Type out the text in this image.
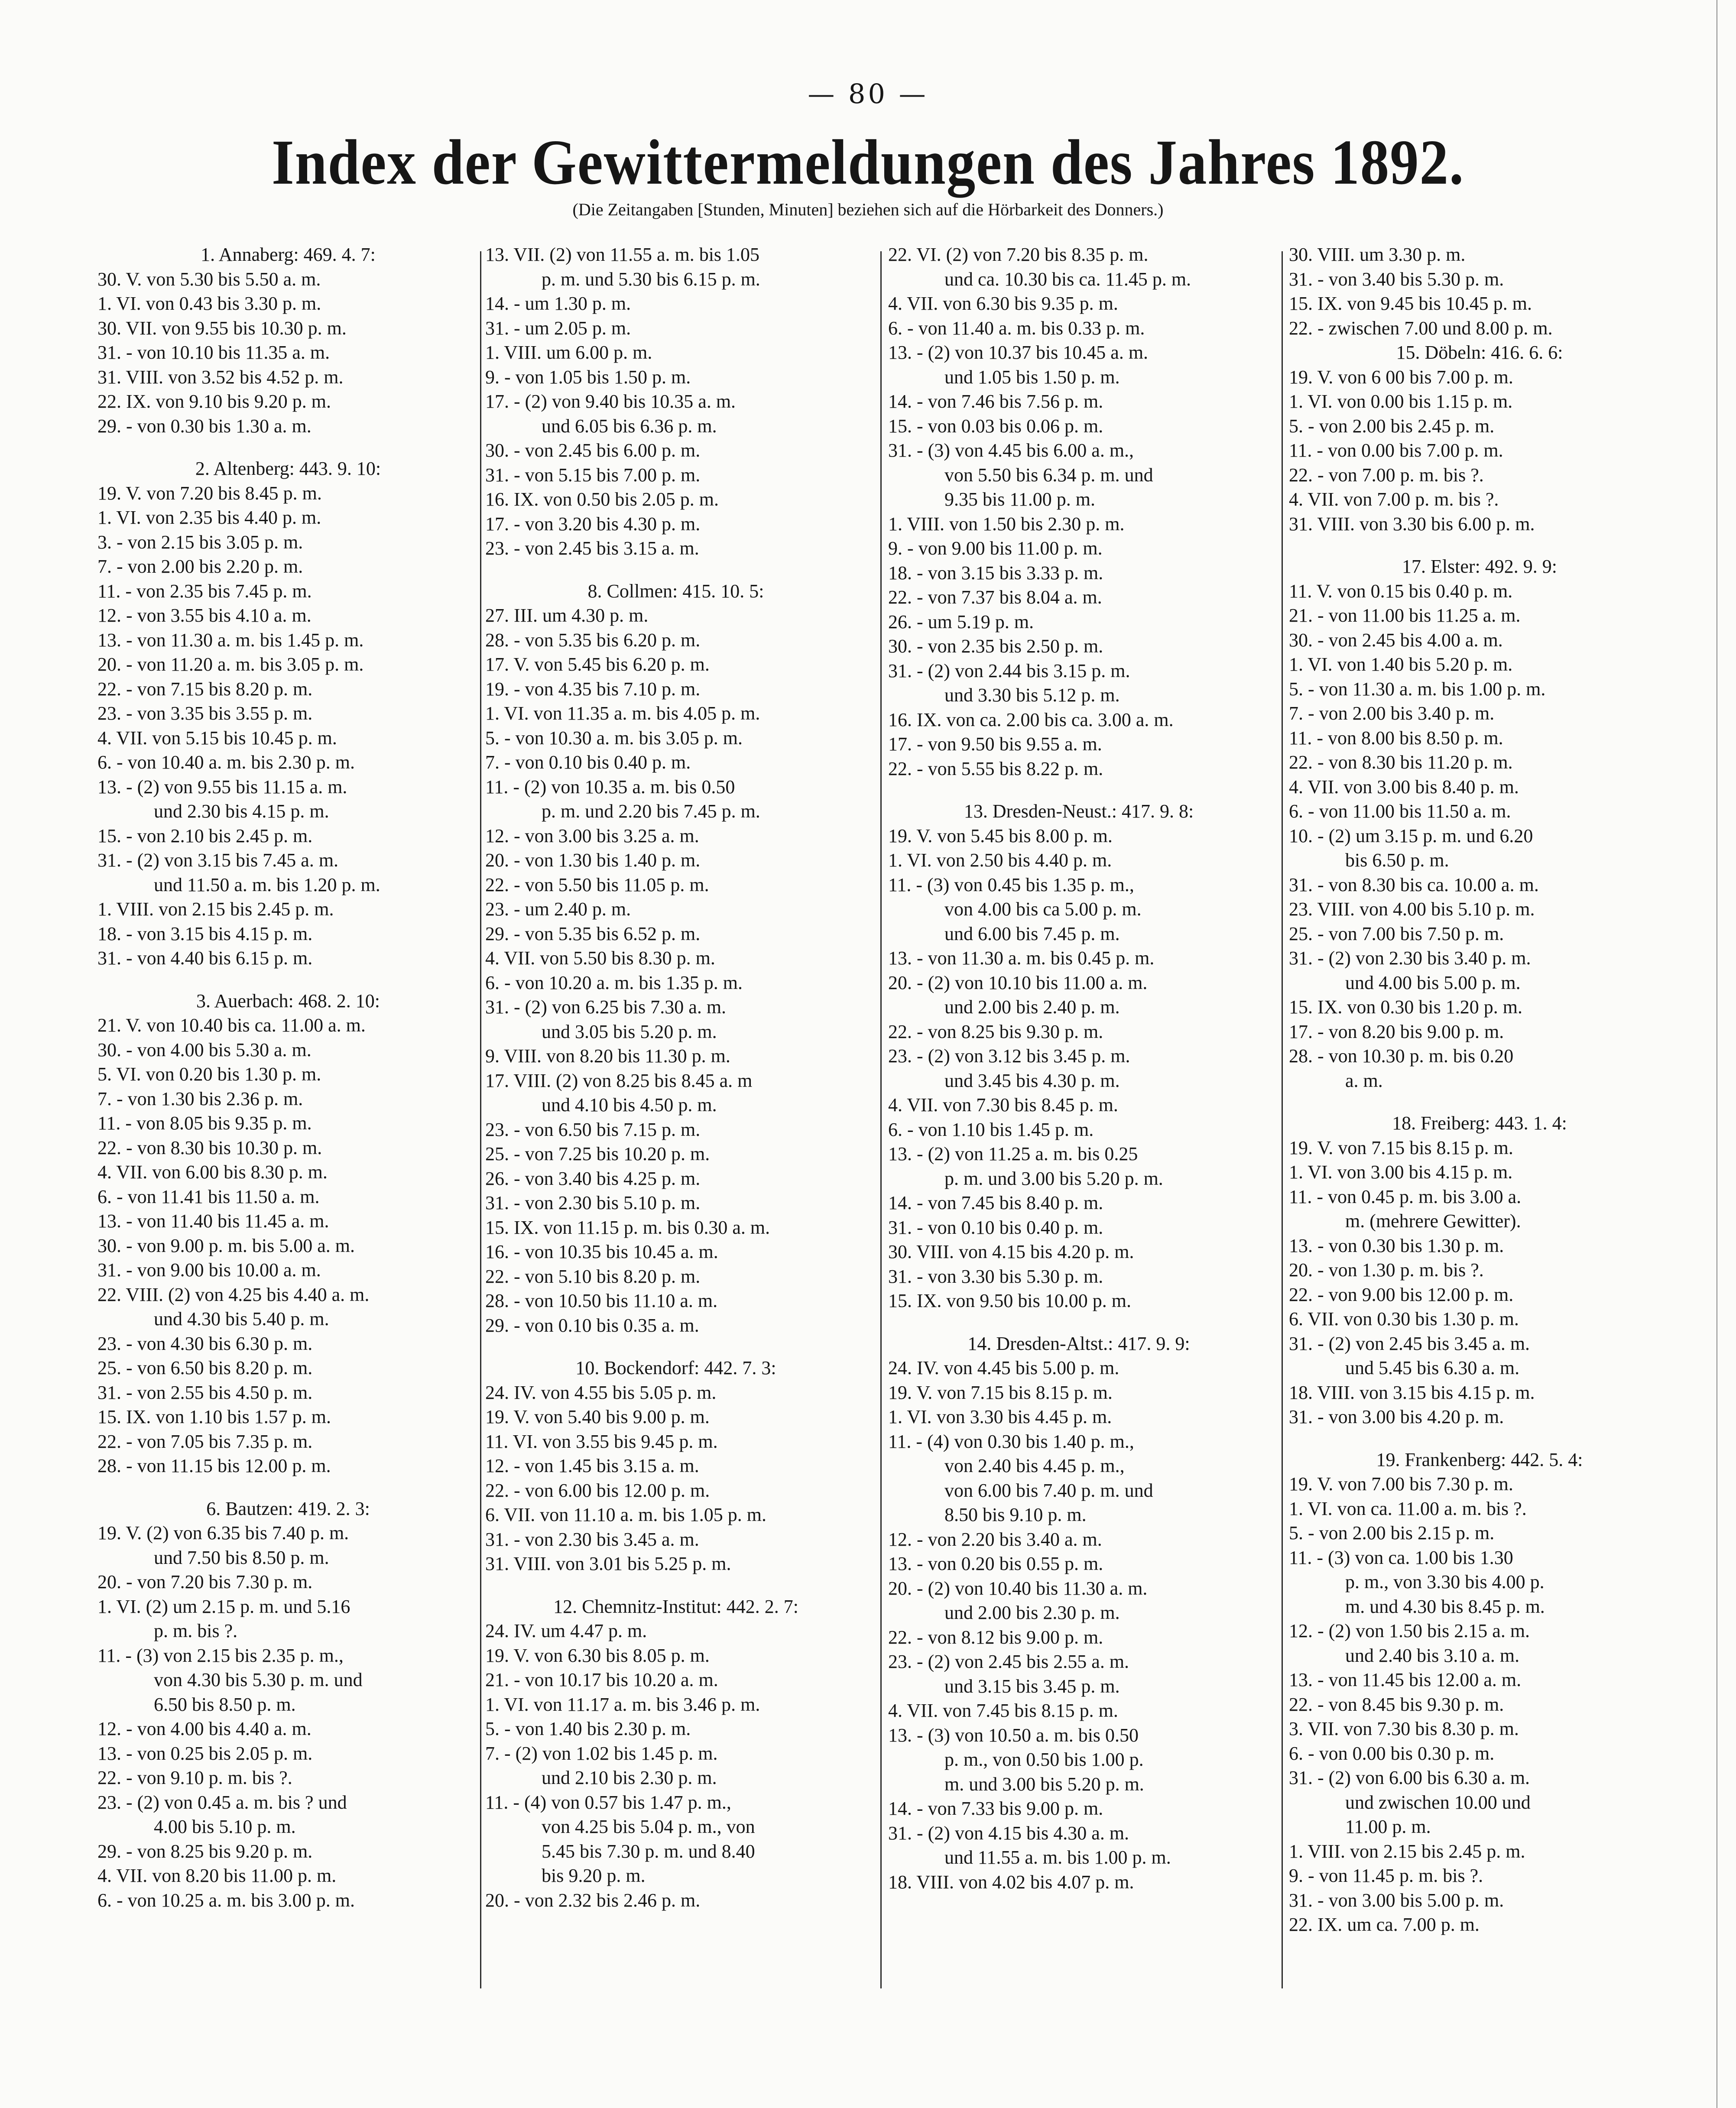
— 80 —
Index der Gewittermeldungen des Jahres 1892.
(Die Zeitangaben [Stunden, Minuten] beziehen sich auf die Hörbarkeit des Donners.)
1. Annaberg: 469. 4. 7:
30. V. von 5.30 bis 5.50 a. m.
1. VI. von 0.43 bis 3.30 p. m.
30. VII. von 9.55 bis 10.30 p. m.
31. - von 10.10 bis 11.35 a. m.
31. VIII. von 3.52 bis 4.52 p. m.
22. IX. von 9.10 bis 9.20 p. m.
29. - von 0.30 bis 1.30 a. m.
2. Altenberg: 443. 9. 10:
19. V. von 7.20 bis 8.45 p. m.
1. VI. von 2.35 bis 4.40 p. m.
3. - von 2.15 bis 3.05 p. m.
7. - von 2.00 bis 2.20 p. m.
11. - von 2.35 bis 7.45 p. m.
12. - von 3.55 bis 4.10 a. m.
13. - von 11.30 a. m. bis 1.45 p. m.
20. - von 11.20 a. m. bis 3.05 p. m.
22. - von 7.15 bis 8.20 p. m.
23. - von 3.35 bis 3.55 p. m.
4. VII. von 5.15 bis 10.45 p. m.
6. - von 10.40 a. m. bis 2.30 p. m.
13. - (2) von 9.55 bis 11.15 a. m.
und 2.30 bis 4.15 p. m.
15. - von 2.10 bis 2.45 p. m.
31. - (2) von 3.15 bis 7.45 a. m.
und 11.50 a. m. bis 1.20 p. m.
1. VIII. von 2.15 bis 2.45 p. m.
18. - von 3.15 bis 4.15 p. m.
31. - von 4.40 bis 6.15 p. m.
3. Auerbach: 468. 2. 10:
21. V. von 10.40 bis ca. 11.00 a. m.
30. - von 4.00 bis 5.30 a. m.
5. VI. von 0.20 bis 1.30 p. m.
7. - von 1.30 bis 2.36 p. m.
11. - von 8.05 bis 9.35 p. m.
22. - von 8.30 bis 10.30 p. m.
4. VII. von 6.00 bis 8.30 p. m.
6. - von 11.41 bis 11.50 a. m.
13. - von 11.40 bis 11.45 a. m.
30. - von 9.00 p. m. bis 5.00 a. m.
31. - von 9.00 bis 10.00 a. m.
22. VIII. (2) von 4.25 bis 4.40 a. m.
und 4.30 bis 5.40 p. m.
23. - von 4.30 bis 6.30 p. m.
25. - von 6.50 bis 8.20 p. m.
31. - von 2.55 bis 4.50 p. m.
15. IX. von 1.10 bis 1.57 p. m.
22. - von 7.05 bis 7.35 p. m.
28. - von 11.15 bis 12.00 p. m.
6. Bautzen: 419. 2. 3:
19. V. (2) von 6.35 bis 7.40 p. m.
und 7.50 bis 8.50 p. m.
20. - von 7.20 bis 7.30 p. m.
1. VI. (2) um 2.15 p. m. und 5.16
p. m. bis ?.
11. - (3) von 2.15 bis 2.35 p. m.,
von 4.30 bis 5.30 p. m. und
6.50 bis 8.50 p. m.
12. - von 4.00 bis 4.40 a. m.
13. - von 0.25 bis 2.05 p. m.
22. - von 9.10 p. m. bis ?.
23. - (2) von 0.45 a. m. bis ? und
4.00 bis 5.10 p. m.
29. - von 8.25 bis 9.20 p. m.
4. VII. von 8.20 bis 11.00 p. m.
6. - von 10.25 a. m. bis 3.00 p. m.
13. VII. (2) von 11.55 a. m. bis 1.05
p. m. und 5.30 bis 6.15 p. m.
14. - um 1.30 p. m.
31. - um 2.05 p. m.
1. VIII. um 6.00 p. m.
9. - von 1.05 bis 1.50 p. m.
17. - (2) von 9.40 bis 10.35 a. m.
und 6.05 bis 6.36 p. m.
30. - von 2.45 bis 6.00 p. m.
31. - von 5.15 bis 7.00 p. m.
16. IX. von 0.50 bis 2.05 p. m.
17. - von 3.20 bis 4.30 p. m.
23. - von 2.45 bis 3.15 a. m.
8. Collmen: 415. 10. 5:
27. III. um 4.30 p. m.
28. - von 5.35 bis 6.20 p. m.
17. V. von 5.45 bis 6.20 p. m.
19. - von 4.35 bis 7.10 p. m.
1. VI. von 11.35 a. m. bis 4.05 p. m.
5. - von 10.30 a. m. bis 3.05 p. m.
7. - von 0.10 bis 0.40 p. m.
11. - (2) von 10.35 a. m. bis 0.50
p. m. und 2.20 bis 7.45 p. m.
12. - von 3.00 bis 3.25 a. m.
20. - von 1.30 bis 1.40 p. m.
22. - von 5.50 bis 11.05 p. m.
23. - um 2.40 p. m.
29. - von 5.35 bis 6.52 p. m.
4. VII. von 5.50 bis 8.30 p. m.
6. - von 10.20 a. m. bis 1.35 p. m.
31. - (2) von 6.25 bis 7.30 a. m.
und 3.05 bis 5.20 p. m.
9. VIII. von 8.20 bis 11.30 p. m.
17. VIII. (2) von 8.25 bis 8.45 a. m
und 4.10 bis 4.50 p. m.
23. - von 6.50 bis 7.15 p. m.
25. - von 7.25 bis 10.20 p. m.
26. - von 3.40 bis 4.25 p. m.
31. - von 2.30 bis 5.10 p. m.
15. IX. von 11.15 p. m. bis 0.30 a. m.
16. - von 10.35 bis 10.45 a. m.
22. - von 5.10 bis 8.20 p. m.
28. - von 10.50 bis 11.10 a. m.
29. - von 0.10 bis 0.35 a. m.
10. Bockendorf: 442. 7. 3:
24. IV. von 4.55 bis 5.05 p. m.
19. V. von 5.40 bis 9.00 p. m.
11. VI. von 3.55 bis 9.45 p. m.
12. - von 1.45 bis 3.15 a. m.
22. - von 6.00 bis 12.00 p. m.
6. VII. von 11.10 a. m. bis 1.05 p. m.
31. - von 2.30 bis 3.45 a. m.
31. VIII. von 3.01 bis 5.25 p. m.
12. Chemnitz-Institut: 442. 2. 7:
24. IV. um 4.47 p. m.
19. V. von 6.30 bis 8.05 p. m.
21. - von 10.17 bis 10.20 a. m.
1. VI. von 11.17 a. m. bis 3.46 p. m.
5. - von 1.40 bis 2.30 p. m.
7. - (2) von 1.02 bis 1.45 p. m.
und 2.10 bis 2.30 p. m.
11. - (4) von 0.57 bis 1.47 p. m.,
von 4.25 bis 5.04 p. m., von
5.45 bis 7.30 p. m. und 8.40
bis 9.20 p. m.
20. - von 2.32 bis 2.46 p. m.
22. VI. (2) von 7.20 bis 8.35 p. m.
und ca. 10.30 bis ca. 11.45 p. m.
4. VII. von 6.30 bis 9.35 p. m.
6. - von 11.40 a. m. bis 0.33 p. m.
13. - (2) von 10.37 bis 10.45 a. m.
und 1.05 bis 1.50 p. m.
14. - von 7.46 bis 7.56 p. m.
15. - von 0.03 bis 0.06 p. m.
31. - (3) von 4.45 bis 6.00 a. m.,
von 5.50 bis 6.34 p. m. und
9.35 bis 11.00 p. m.
1. VIII. von 1.50 bis 2.30 p. m.
9. - von 9.00 bis 11.00 p. m.
18. - von 3.15 bis 3.33 p. m.
22. - von 7.37 bis 8.04 a. m.
26. - um 5.19 p. m.
30. - von 2.35 bis 2.50 p. m.
31. - (2) von 2.44 bis 3.15 p. m.
und 3.30 bis 5.12 p. m.
16. IX. von ca. 2.00 bis ca. 3.00 a. m.
17. - von 9.50 bis 9.55 a. m.
22. - von 5.55 bis 8.22 p. m.
13. Dresden-Neust.: 417. 9. 8:
19. V. von 5.45 bis 8.00 p. m.
1. VI. von 2.50 bis 4.40 p. m.
11. - (3) von 0.45 bis 1.35 p. m.,
von 4.00 bis ca 5.00 p. m.
und 6.00 bis 7.45 p. m.
13. - von 11.30 a. m. bis 0.45 p. m.
20. - (2) von 10.10 bis 11.00 a. m.
und 2.00 bis 2.40 p. m.
22. - von 8.25 bis 9.30 p. m.
23. - (2) von 3.12 bis 3.45 p. m.
und 3.45 bis 4.30 p. m.
4. VII. von 7.30 bis 8.45 p. m.
6. - von 1.10 bis 1.45 p. m.
13. - (2) von 11.25 a. m. bis 0.25
p. m. und 3.00 bis 5.20 p. m.
14. - von 7.45 bis 8.40 p. m.
31. - von 0.10 bis 0.40 p. m.
30. VIII. von 4.15 bis 4.20 p. m.
31. - von 3.30 bis 5.30 p. m.
15. IX. von 9.50 bis 10.00 p. m.
14. Dresden-Altst.: 417. 9. 9:
24. IV. von 4.45 bis 5.00 p. m.
19. V. von 7.15 bis 8.15 p. m.
1. VI. von 3.30 bis 4.45 p. m.
11. - (4) von 0.30 bis 1.40 p. m.,
von 2.40 bis 4.45 p. m.,
von 6.00 bis 7.40 p. m. und
8.50 bis 9.10 p. m.
12. - von 2.20 bis 3.40 a. m.
13. - von 0.20 bis 0.55 p. m.
20. - (2) von 10.40 bis 11.30 a. m.
und 2.00 bis 2.30 p. m.
22. - von 8.12 bis 9.00 p. m.
23. - (2) von 2.45 bis 2.55 a. m.
und 3.15 bis 3.45 p. m.
4. VII. von 7.45 bis 8.15 p. m.
13. - (3) von 10.50 a. m. bis 0.50
p. m., von 0.50 bis 1.00 p.
m. und 3.00 bis 5.20 p. m.
14. - von 7.33 bis 9.00 p. m.
31. - (2) von 4.15 bis 4.30 a. m.
und 11.55 a. m. bis 1.00 p. m.
18. VIII. von 4.02 bis 4.07 p. m.
30. VIII. um 3.30 p. m.
31. - von 3.40 bis 5.30 p. m.
15. IX. von 9.45 bis 10.45 p. m.
22. - zwischen 7.00 und 8.00 p. m.
15. Döbeln: 416. 6. 6:
19. V. von 6 00 bis 7.00 p. m.
1. VI. von 0.00 bis 1.15 p. m.
5. - von 2.00 bis 2.45 p. m.
11. - von 0.00 bis 7.00 p. m.
22. - von 7.00 p. m. bis ?.
4. VII. von 7.00 p. m. bis ?.
31. VIII. von 3.30 bis 6.00 p. m.
17. Elster: 492. 9. 9:
11. V. von 0.15 bis 0.40 p. m.
21. - von 11.00 bis 11.25 a. m.
30. - von 2.45 bis 4.00 a. m.
1. VI. von 1.40 bis 5.20 p. m.
5. - von 11.30 a. m. bis 1.00 p. m.
7. - von 2.00 bis 3.40 p. m.
11. - von 8.00 bis 8.50 p. m.
22. - von 8.30 bis 11.20 p. m.
4. VII. von 3.00 bis 8.40 p. m.
6. - von 11.00 bis 11.50 a. m.
10. - (2) um 3.15 p. m. und 6.20
bis 6.50 p. m.
31. - von 8.30 bis ca. 10.00 a. m.
23. VIII. von 4.00 bis 5.10 p. m.
25. - von 7.00 bis 7.50 p. m.
31. - (2) von 2.30 bis 3.40 p. m.
und 4.00 bis 5.00 p. m.
15. IX. von 0.30 bis 1.20 p. m.
17. - von 8.20 bis 9.00 p. m.
28. - von 10.30 p. m. bis 0.20
a. m.
18. Freiberg: 443. 1. 4:
19. V. von 7.15 bis 8.15 p. m.
1. VI. von 3.00 bis 4.15 p. m.
11. - von 0.45 p. m. bis 3.00 a.
m. (mehrere Gewitter).
13. - von 0.30 bis 1.30 p. m.
20. - von 1.30 p. m. bis ?.
22. - von 9.00 bis 12.00 p. m.
6. VII. von 0.30 bis 1.30 p. m.
31. - (2) von 2.45 bis 3.45 a. m.
und 5.45 bis 6.30 a. m.
18. VIII. von 3.15 bis 4.15 p. m.
31. - von 3.00 bis 4.20 p. m.
19. Frankenberg: 442. 5. 4:
19. V. von 7.00 bis 7.30 p. m.
1. VI. von ca. 11.00 a. m. bis ?.
5. - von 2.00 bis 2.15 p. m.
11. - (3) von ca. 1.00 bis 1.30
p. m., von 3.30 bis 4.00 p.
m. und 4.30 bis 8.45 p. m.
12. - (2) von 1.50 bis 2.15 a. m.
und 2.40 bis 3.10 a. m.
13. - von 11.45 bis 12.00 a. m.
22. - von 8.45 bis 9.30 p. m.
3. VII. von 7.30 bis 8.30 p. m.
6. - von 0.00 bis 0.30 p. m.
31. - (2) von 6.00 bis 6.30 a. m.
und zwischen 10.00 und
11.00 p. m.
1. VIII. von 2.15 bis 2.45 p. m.
9. - von 11.45 p. m. bis ?.
31. - von 3.00 bis 5.00 p. m.
22. IX. um ca. 7.00 p. m.
